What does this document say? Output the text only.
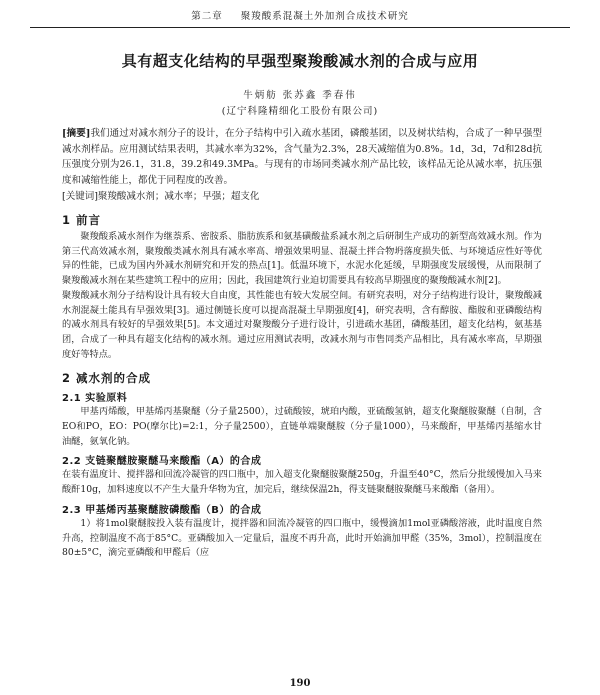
第二章 聚羧酸系混凝土外加剂合成技术研究
具有超支化结构的早强型聚羧酸减水剂的合成与应用
牛炳舫 张苏鑫 季春伟
(辽宁科隆精细化工股份有限公司)
[摘要]我们通过对减水剂分子的设计，在分子结构中引入疏水基团，磷酸基团，以及树状结构，合成了一种早强型减水剂样品。应用测试结果表明，其减水率为32%，含气量为2.3%，28天减缩值为0.8%。1d，3d，7d和28d抗压强度分别为26.1，31.8，39.2和49.3MPa。与现有的市场同类减水剂产品比较，该样品无论从减水率，抗压强度和减缩性能上，都优于同程度的改善。
[关键词]聚羧酸减水剂；减水率；早强；超支化
1 前言
聚羧酸系减水剂作为继萘系、密胺系、脂肪族系和氨基磺酸盐系减水剂之后研制生产成功的新型高效减水剂。作为第三代高效减水剂，聚羧酸类减水剂具有减水率高、增强效果明显、混凝土拌合物坍落度损失低、与环境适应性好等优异的性能，已成为国内外减水剂研究和开发的热点[1]。低温环境下，水泥水化延缓，早期强度发展缓慢，从而限制了聚羧酸减水剂在某些建筑工程中的应用；因此，我国建筑行业迫切需要具有较高早期强度的聚羧酸减水剂[2]。
聚羧酸减水剂分子结构设计具有较大自由度，其性能也有较大发展空间。有研究表明，对分子结构进行设计，聚羧酸减水剂混凝土能具有早强效果[3]。通过侧链长度可以提高混凝土早期强度[4]，研究表明，含有醇胺、酯胺和亚磷酸结构的减水剂具有较好的早强效果[5]。本文通过对聚羧酸分子进行设计，引进疏水基团，磷酸基团，超支化结构，氨基基团，合成了一种具有超支化结构的减水剂。通过应用测试表明，改减水剂与市售同类产品相比，具有减水率高，早期强度好等特点。
2 减水剂的合成
2.1 实验原料
甲基丙烯酸，甲基烯丙基聚醚（分子量2500），过硫酸铵，琥珀内酸，亚硫酸氢钠，超支化聚醚胺聚醚（自制，含EO和PO，EO：PO(摩尔比)=2:1，分子量2500），直链单端聚醚胺（分子量1000），马来酸酐，甲基烯丙基缩水甘油醚，氨氧化钠。
2.2 支链聚醚胺聚醚马来酸酯（A）的合成
在装有温度计、搅拌器和回流冷凝管的四口瓶中，加入超支化聚醚胺聚醚250g，升温至40°C，然后分批缓慢加入马来酸酐10g，加料速度以不产生大量升华物为宜，加完后，继续保温2h，得支链聚醚胺聚醚马来酸酯（备用）。
2.3 甲基烯丙基聚醚胺磷酸酯（B）的合成
1）将1mol聚醚胺投入装有温度计，搅拌器和回流冷凝管的四口瓶中，缓慢滴加1mol亚磷酸溶液，此时温度自然升高，控制温度不高于85°C。亚磷酸加入一定量后，温度不再升高，此时开始滴加甲醛（35%，3mol），控制温度在80±5°C，滴完亚磷酸和甲醛后（应
190
